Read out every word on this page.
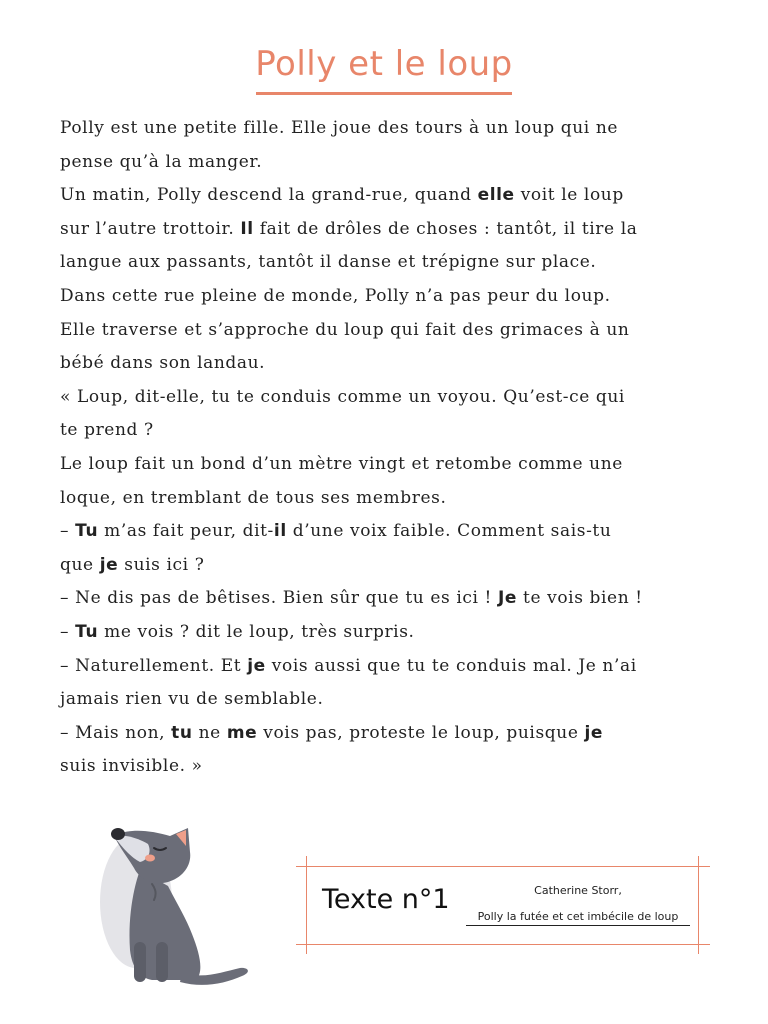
Polly et le loup
Polly est une petite fille. Elle joue des tours à un loup qui ne
pense qu’à la manger.
Un matin, Polly descend la grand-rue, quand elle voit le loup
sur l’autre trottoir. Il fait de drôles de choses : tantôt, il tire la
langue aux passants, tantôt il danse et trépigne sur place.
Dans cette rue pleine de monde, Polly n’a pas peur du loup.
Elle traverse et s’approche du loup qui fait des grimaces à un
bébé dans son landau.
« Loup, dit-elle, tu te conduis comme un voyou. Qu’est-ce qui
te prend ?
Le loup fait un bond d’un mètre vingt et retombe comme une
loque, en tremblant de tous ses membres.
– Tu m’as fait peur, dit-il d’une voix faible. Comment sais-tu
que je suis ici ?
– Ne dis pas de bêtises. Bien sûr que tu es ici ! Je te vois bien !
– Tu me vois ? dit le loup, très surpris.
– Naturellement. Et je vois aussi que tu te conduis mal. Je n’ai
jamais rien vu de semblable.
– Mais non, tu ne me vois pas, proteste le loup, puisque je
suis invisible. »
Texte n°1	Catherine Storr,
Polly la futée et cet imbécile de loup
